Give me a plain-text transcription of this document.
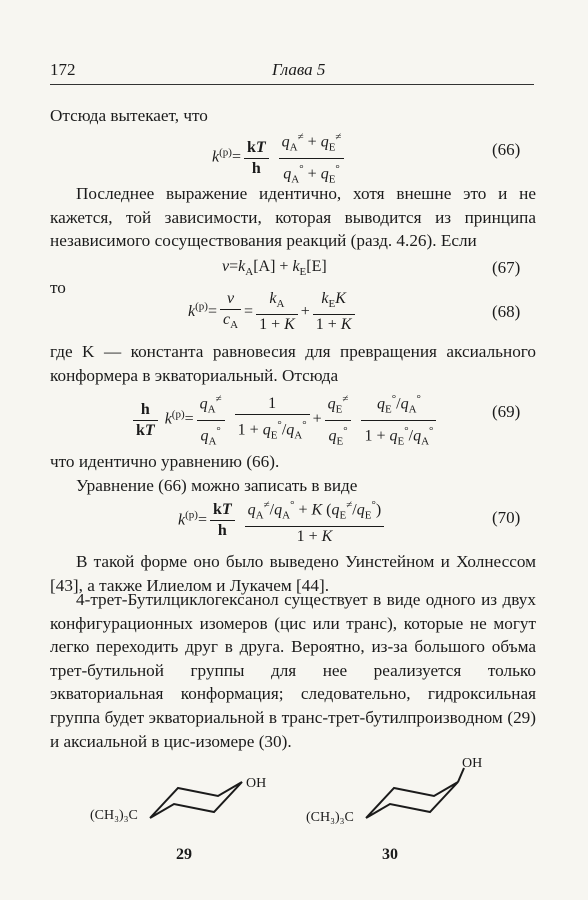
172	Глава 5
Отсюда вытекает, что
$k^{(p)}= \frac{kT}{h}$
$\frac{q_A^\ne + q_E^\ne}{q_A^\circ + q_E^\circ}$	(66)
Последнее выражение идентично, хотя внешне это и не кажется, той зависимости, которая выводится из принципа независимого сосуществования реакций (разд. 4.26). Если
$v=k_A[A] + k_E[E]$	(67)
то
$k^{(p)}= \frac{v}{c_A} = \frac{k_A}{1 + K} + \frac{k_EK}{1 + K}$	(68)
где K — константа равновесия для превращения аксиального конформера в экваториальный. Отсюда
$\frac{h}{kT} k^{(p)}= \frac{q_A^\ne}{q_A^\circ}$
$\frac{1}{1 + q_E^\circ/q_A^\circ} + \frac{q_E^\ne}{q_E^\circ}$
$\frac{q_E^\circ/q_A^\circ}{1 + q_E^\circ/q_A^\circ}$	(69)
что идентично уравнению (66).
Уравнение (66) можно записать в виде
$k^{(p)}= \frac{kT}{h}$
$\frac{q_A^\ne/q_A^\circ + K (q_E^\ne/q_E^\circ)}{1 + K}$	(70)
В такой форме оно было выведено Уинстейном и Холнессом [43], а также Илиелом и Лукачем [44].
4-трет-Бутилциклогексанол существует в виде одного из двух конфигурационных изомеров (цис или транс), которые не могут легко переходить друг в друга. Вероятно, из-за большого объма трет-бутильной группы для нее реализуется только экваториальная конформация; следовательно, гидроксильная группа будет экваториальной в транс-трет-бутилпроизводном (29) и аксиальной в цис-изомере (30).
(CH₃)₃C
OH
29
(CH₃)₃C
OH
30
